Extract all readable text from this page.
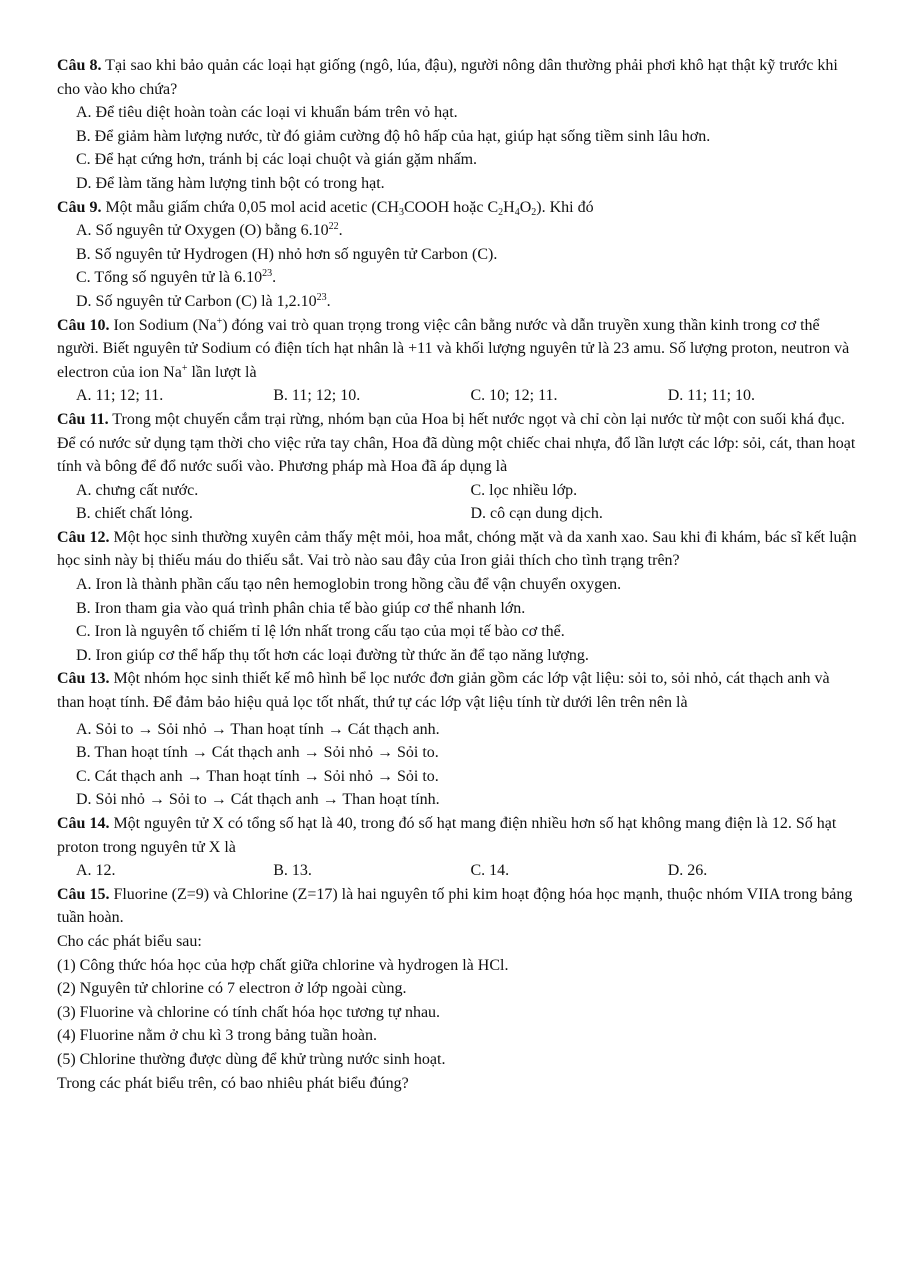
Câu 8. Tại sao khi bảo quản các loại hạt giống (ngô, lúa, đậu), người nông dân thường phải phơi khô hạt thật kỹ trước khi cho vào kho chứa?
A. Để tiêu diệt hoàn toàn các loại vi khuẩn bám trên vỏ hạt.
B. Để giảm hàm lượng nước, từ đó giảm cường độ hô hấp của hạt, giúp hạt sống tiềm sinh lâu hơn.
C. Để hạt cứng hơn, tránh bị các loại chuột và gián gặm nhấm.
D. Để làm tăng hàm lượng tinh bột có trong hạt.
Câu 9. Một mẫu giấm chứa 0,05 mol acid acetic ($CH_3COOH$ hoặc $C_2H_4O_2$). Khi đó
A. Số nguyên tử Oxygen (O) bằng 6.10$^{22}$.
B. Số nguyên tử Hydrogen (H) nhỏ hơn số nguyên tử Carbon (C).
C. Tổng số nguyên tử là 6.10$^{23}$.
D. Số nguyên tử Carbon (C) là 1,2.10$^{23}$.
Câu 10. Ion Sodium (Na+) đóng vai trò quan trọng trong việc cân bằng nước và dẫn truyền xung thần kinh trong cơ thể người. Biết nguyên tử Sodium có điện tích hạt nhân là +11 và khối lượng nguyên tử là 23 amu. Số lượng proton, neutron và electron của ion Na+ lần lượt là
A. 11; 12; 11.	B. 11; 12; 10.	C. 10; 12; 11.	D. 11; 11; 10.
Câu 11. Trong một chuyến cắm trại rừng, nhóm bạn của Hoa bị hết nước ngọt và chỉ còn lại nước từ một con suối khá đục. Để có nước sử dụng tạm thời cho việc rửa tay chân, Hoa đã dùng một chiếc chai nhựa, đổ lần lượt các lớp: sỏi, cát, than hoạt tính và bông để đổ nước suối vào. Phương pháp mà Hoa đã áp dụng là
A. chưng cất nước.	C. lọc nhiều lớp.
B. chiết chất lỏng.	D. cô cạn dung dịch.
Câu 12. Một học sinh thường xuyên cảm thấy mệt mỏi, hoa mắt, chóng mặt và da xanh xao. Sau khi đi khám, bác sĩ kết luận học sinh này bị thiếu máu do thiếu sắt. Vai trò nào sau đây của Iron giải thích cho tình trạng trên?
A. Iron là thành phần cấu tạo nên hemoglobin trong hồng cầu để vận chuyển oxygen.
B. Iron tham gia vào quá trình phân chia tế bào giúp cơ thể nhanh lớn.
C. Iron là nguyên tố chiếm tỉ lệ lớn nhất trong cấu tạo của mọi tế bào cơ thể.
D. Iron giúp cơ thể hấp thụ tốt hơn các loại đường từ thức ăn để tạo năng lượng.
Câu 13. Một nhóm học sinh thiết kế mô hình bể lọc nước đơn giản gồm các lớp vật liệu: sỏi to, sỏi nhỏ, cát thạch anh và than hoạt tính. Để đảm bảo hiệu quả lọc tốt nhất, thứ tự các lớp vật liệu tính từ dưới lên trên nên là
A. Sỏi to → Sỏi nhỏ → Than hoạt tính → Cát thạch anh.
B. Than hoạt tính → Cát thạch anh → Sỏi nhỏ → Sỏi to.
C. Cát thạch anh → Than hoạt tính → Sỏi nhỏ → Sỏi to.
D. Sỏi nhỏ → Sỏi to → Cát thạch anh → Than hoạt tính.
Câu 14. Một nguyên tử X có tổng số hạt là 40, trong đó số hạt mang điện nhiều hơn số hạt không mang điện là 12. Số hạt proton trong nguyên tử X là
A. 12.	B. 13.	C. 14.	D. 26.
Câu 15. Fluorine (Z=9) và Chlorine (Z=17) là hai nguyên tố phi kim hoạt động hóa học mạnh, thuộc nhóm VIIA trong bảng tuần hoàn.
Cho các phát biểu sau:
(1) Công thức hóa học của hợp chất giữa chlorine và hydrogen là HCl.
(2) Nguyên tử chlorine có 7 electron ở lớp ngoài cùng.
(3) Fluorine và chlorine có tính chất hóa học tương tự nhau.
(4) Fluorine nằm ở chu kì 3 trong bảng tuần hoàn.
(5) Chlorine thường được dùng để khử trùng nước sinh hoạt.
Trong các phát biểu trên, có bao nhiêu phát biểu đúng?
